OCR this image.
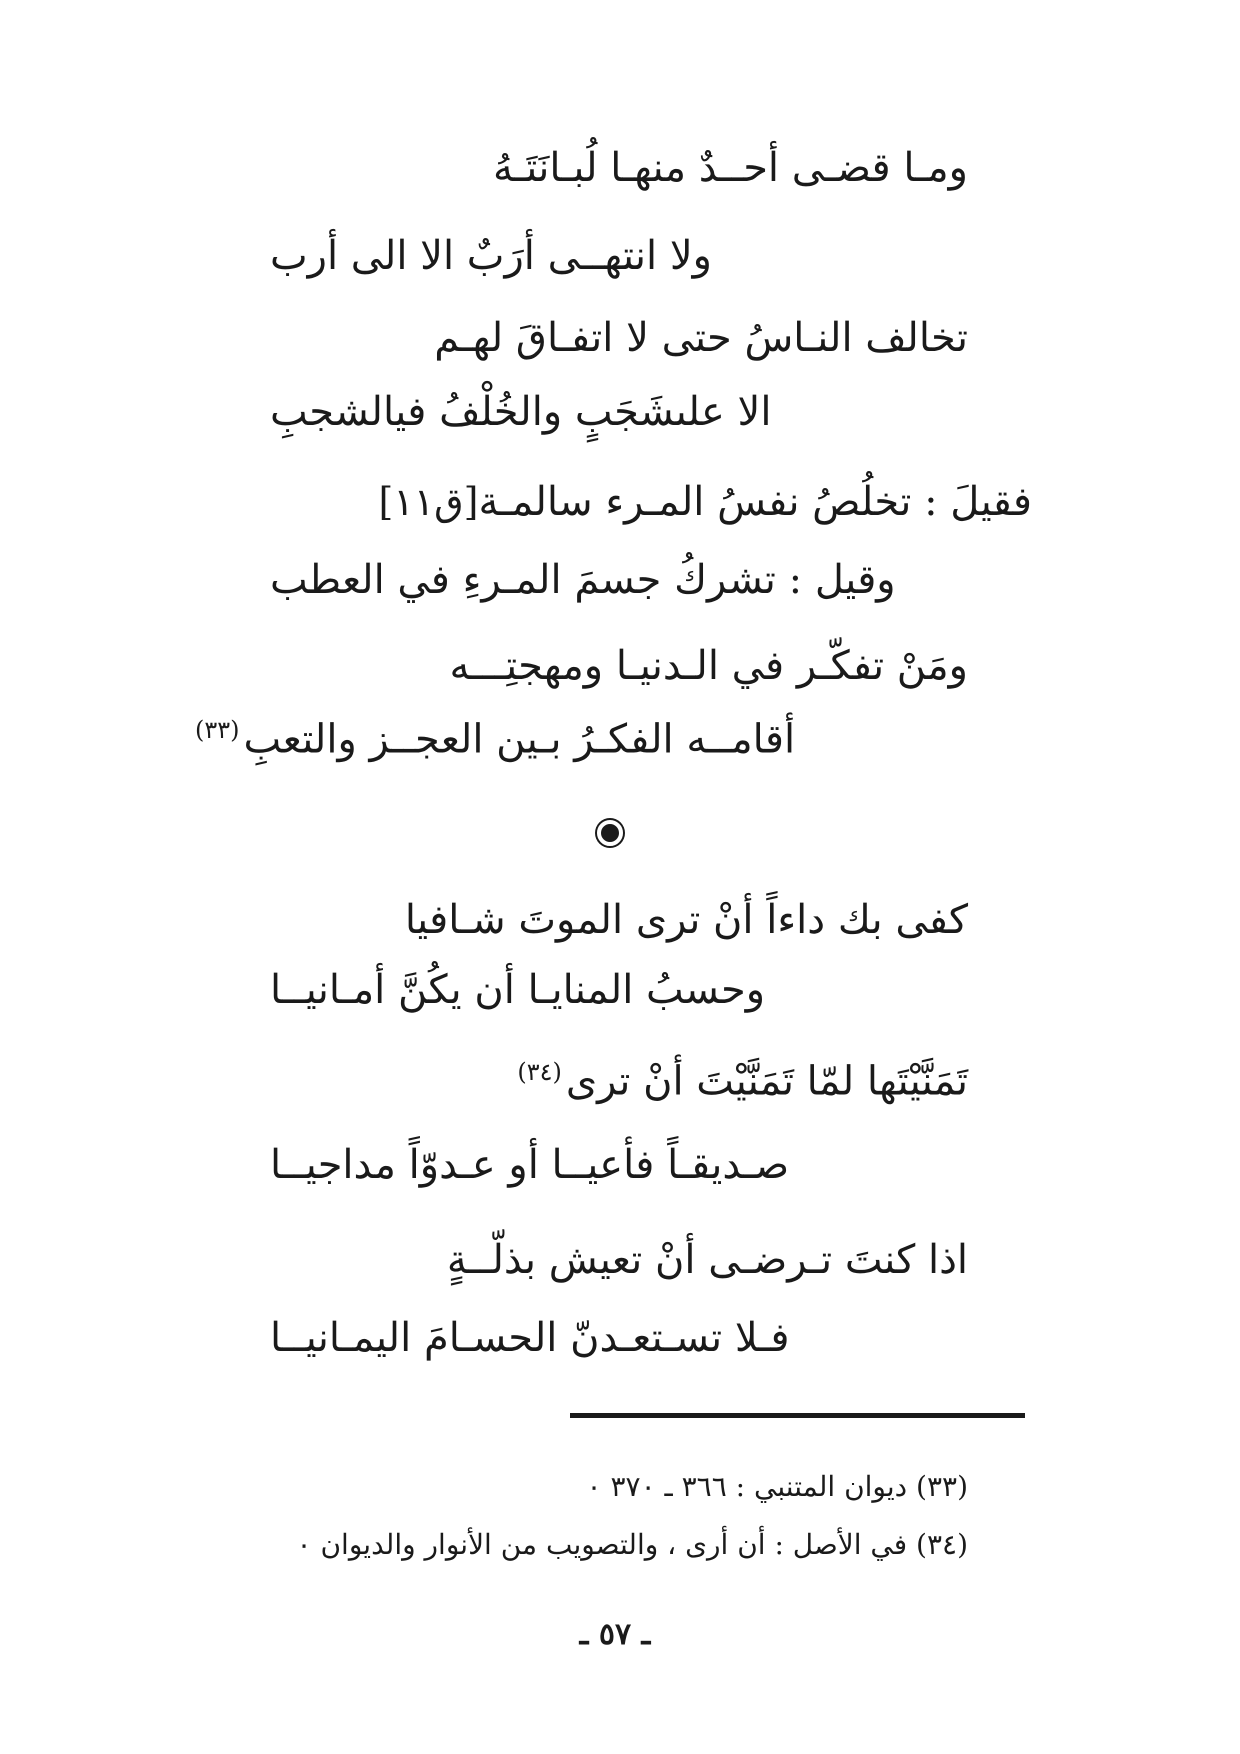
ومـا قضـى أحــدٌ منهـا لُبـانَتَـهُ
ولا انتهــى أرَبٌ الا الى أرب
تخالف النـاسُ حتى لا اتفـاقَ لهـم
الا علىشَجَبٍ والخُلْفُ فيالشجبِ
فقيلَ : تخلُصُ نفسُ المـرء سالمـة[ق١١]
وقيل : تشركُ جسمَ المـرءِ في العطب
ومَنْ تفكّـر في الـدنيـا ومهجتِـــه
أقامــه الفكـرُ بـين العجــز والتعبِ$^{(٣٣)}$
كفى بك داءاً أنْ ترى الموتَ شـافيا
وحسبُ المنايـا أن يكُنَّ أمـانيــا
تَمَنَّيْتَها لمّا تَمَنَّيْتَ أنْ ترى$^{(٣٤)}$
صـديقـاً فأعيــا أو عـدوّاً مداجيــا
اذا كنتَ تـرضـى أنْ تعيش بذلّــةٍ
فـلا تسـتعـدنّ الحسـامَ اليمـانيــا
(٣٣) ديوان المتنبي : ٣٦٦ ـ ٣٧٠ ٠
(٣٤) في الأصل : أن أرى ، والتصويب من الأنوار والديوان ٠
ـ ٥٧ ـ
